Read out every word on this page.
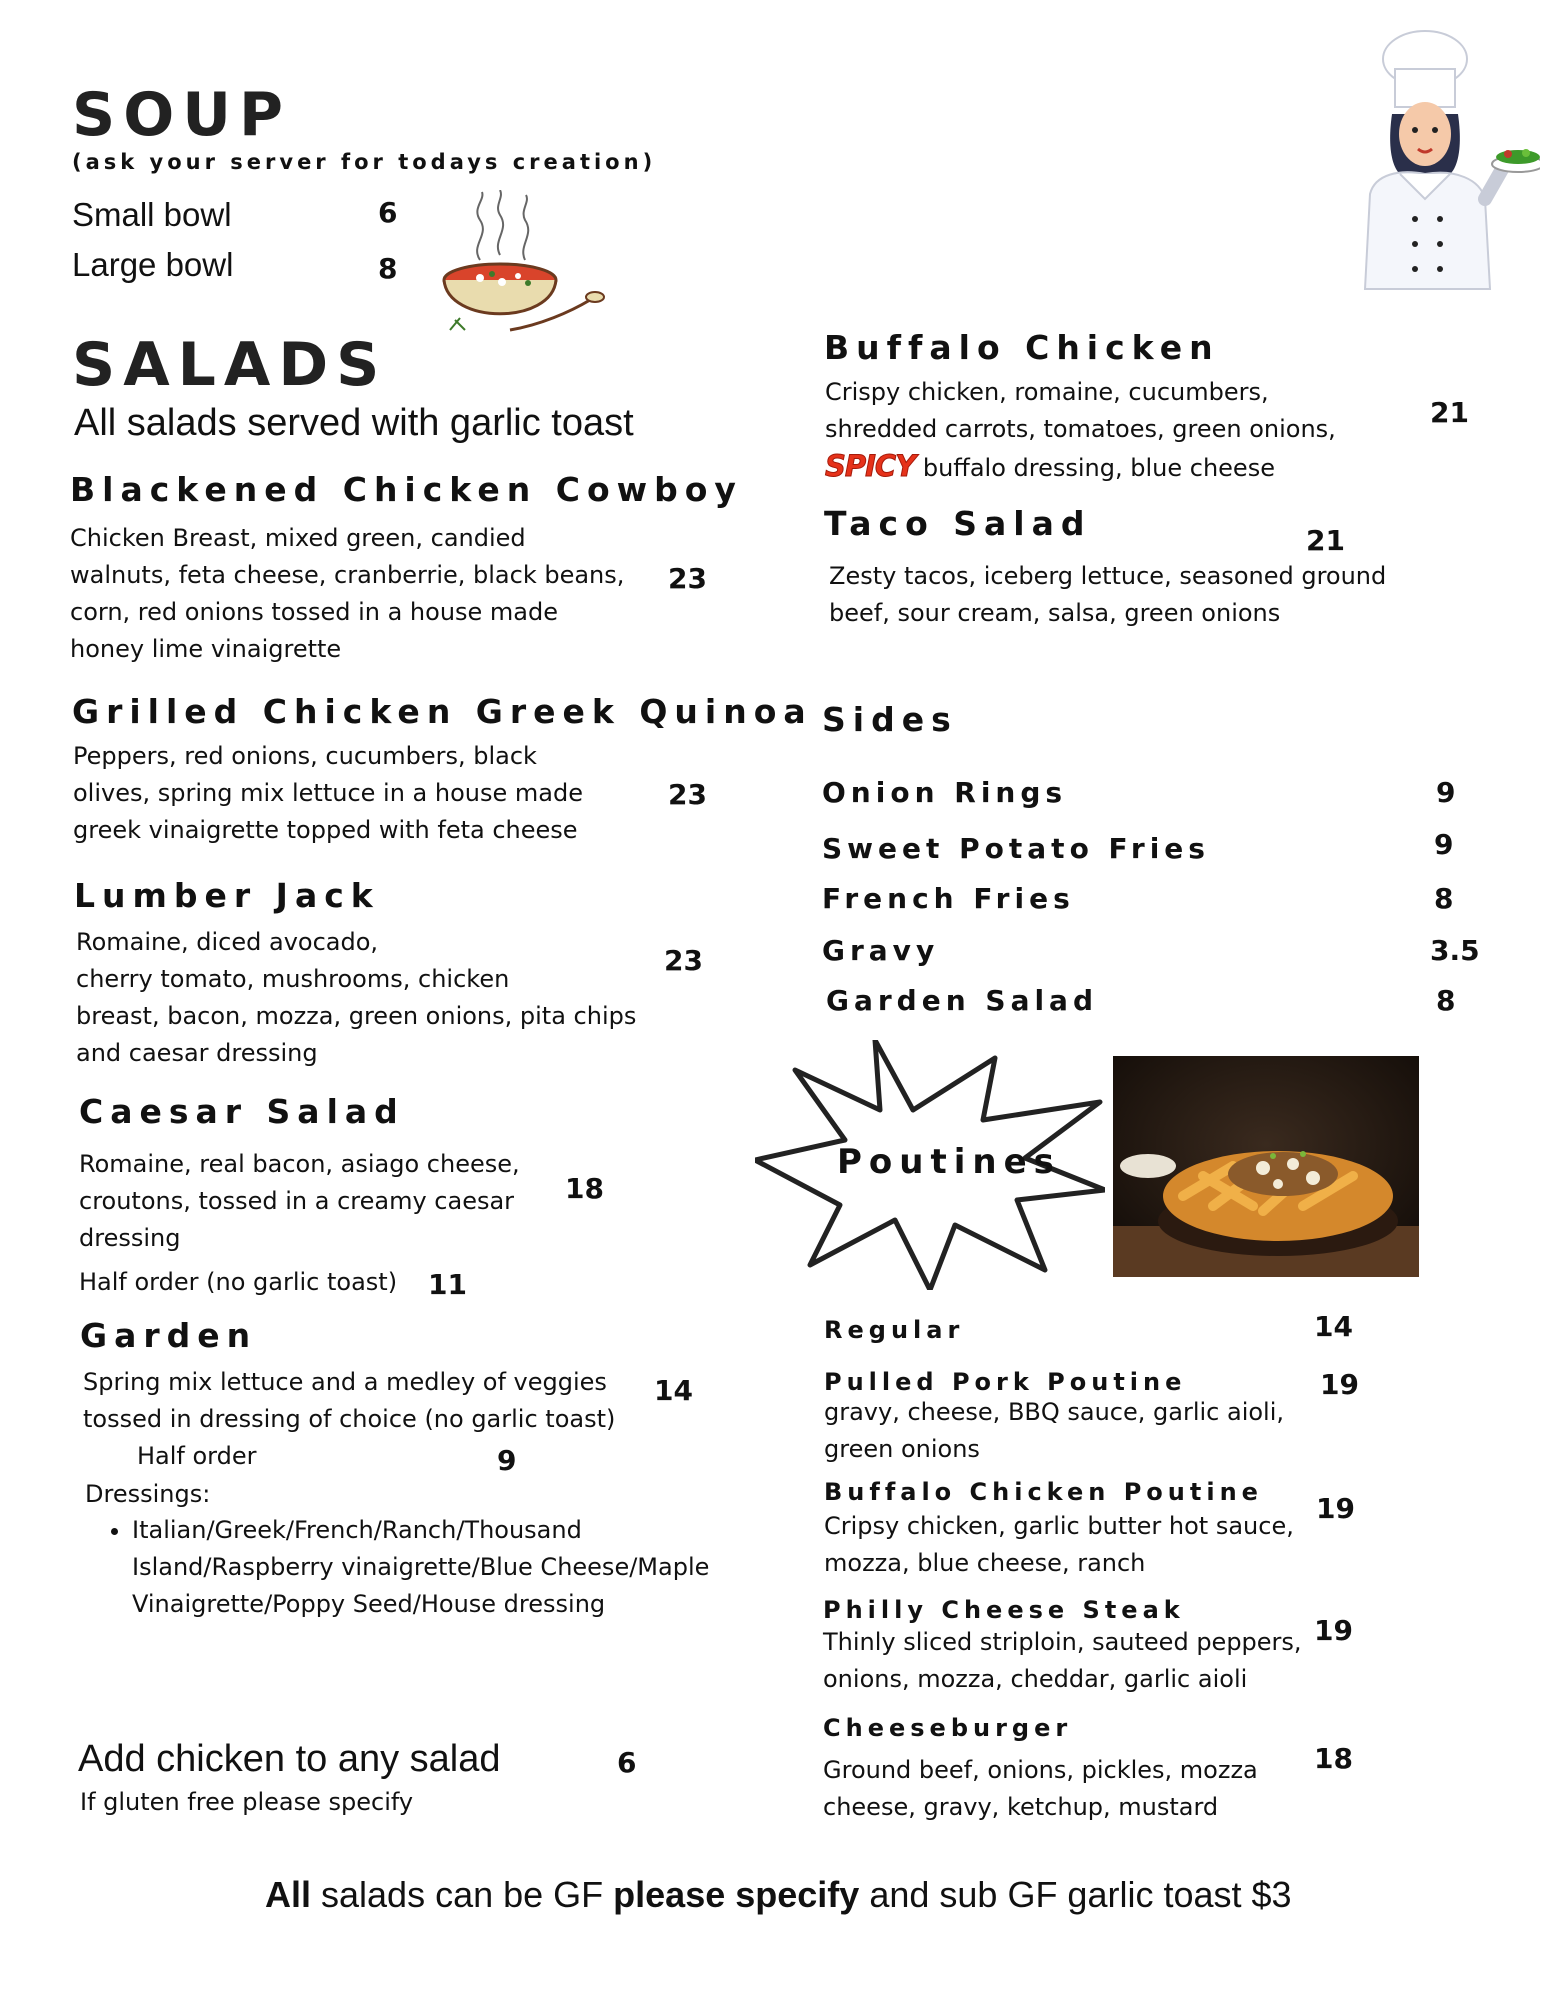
SOUP
(ask your server for todays creation)
Small bowl	6
Large bowl	8
SALADS
All salads served with garlic toast
Blackened Chicken Cowboy
Chicken Breast, mixed green, candied walnuts, feta cheese, cranberrie, black beans, corn, red onions tossed in a house made honey lime vinaigrette
23
Grilled Chicken Greek Quinoa
Peppers, red onions, cucumbers, black olives, spring mix lettuce in a house made greek vinaigrette topped with feta cheese
23
Lumber Jack
Romaine, diced avocado,
cherry tomato, mushrooms, chicken
breast, bacon, mozza, green onions, pita chips
and caesar dressing
23
Caesar Salad
Romaine, real bacon, asiago cheese, croutons, tossed in a creamy caesar dressing
18
Half order (no garlic toast) 11
Garden
Spring mix lettuce and a medley of veggies tossed in dressing of choice (no garlic toast)
14
Half order	9
Dressings:
• Italian/Greek/French/Ranch/Thousand Island/Raspberry vinaigrette/Blue Cheese/Maple Vinaigrette/Poppy Seed/House dressing
Add chicken to any salad	6
If gluten free please specify
Buffalo Chicken
Crispy chicken, romaine, cucumbers, shredded carrots, tomatoes, green onions, SPICY buffalo dressing, blue cheese
21
Taco Salad	21
Zesty tacos, iceberg lettuce, seasoned ground beef, sour cream, salsa, green onions
Sides
Onion Rings	9
Sweet Potato Fries	9
French Fries	8
Gravy	3.5
Garden Salad	8
Poutines
Regular	14
Pulled Pork Poutine	19
gravy, cheese, BBQ sauce, garlic aioli, green onions
Buffalo Chicken Poutine 19
Cripsy chicken, garlic butter hot sauce, mozza, blue cheese, ranch
Philly Cheese Steak
19
Thinly sliced striploin, sauteed peppers, onions, mozza, cheddar, garlic aioli
Cheeseburger
18
Ground beef, onions, pickles, mozza cheese, gravy, ketchup, mustard
All salads can be GF please specify and sub GF garlic toast $3
